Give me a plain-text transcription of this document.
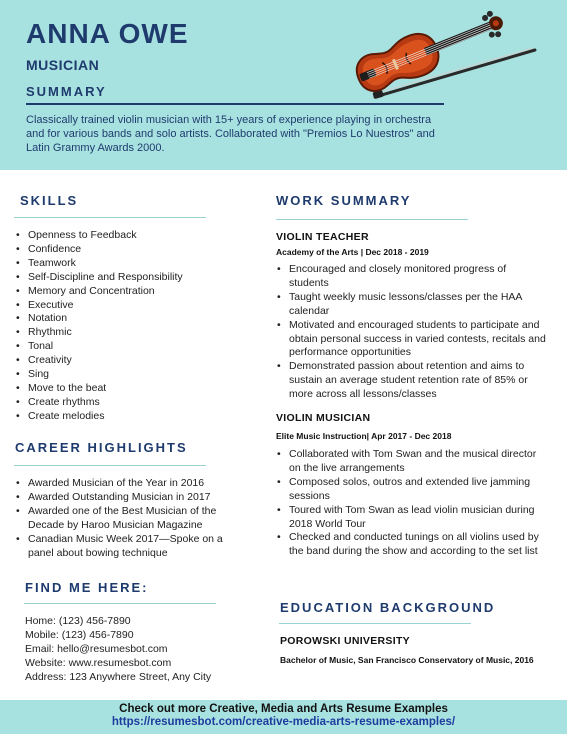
ANNA OWE
MUSICIAN
SUMMARY
Classically trained violin musician with 15+ years of experience playing in orchestra and for various bands and solo artists. Collaborated with "Premios Lo Nuestros" and Latin Grammy Awards 2000.
SKILLS
• Openness to Feedback
• Confidence
• Teamwork
• Self-Discipline and Responsibility
• Memory and Concentration
• Executive
• Notation
• Rhythmic
• Tonal
• Creativity
• Sing
• Move to the beat
• Create rhythms
• Create melodies
CAREER HIGHLIGHTS
• Awarded Musician of the Year in 2016
• Awarded Outstanding Musician in 2017
• Awarded one of the Best Musician of the Decade by Haroo Musician Magazine
• Canadian Music Week 2017—Spoke on a panel about bowing technique
FIND ME HERE:
Home: (123) 456-7890
Mobile: (123) 456-7890
Email: hello@resumesbot.com
Website: www.resumesbot.com
Address: 123 Anywhere Street, Any City
WORK SUMMARY
VIOLIN TEACHER
Academy of the Arts | Dec 2018 - 2019
• Encouraged and closely monitored progress of students
• Taught weekly music lessons/classes per the HAA calendar
• Motivated and encouraged students to participate and obtain personal success in varied contests, recitals and performance opportunities
• Demonstrated passion about retention and aims to sustain an average student retention rate of 85% or more across all lessons/classes
VIOLIN MUSICIAN
Elite Music Instruction| Apr 2017 - Dec 2018
• Collaborated with Tom Swan and the musical director on the live arrangements
• Composed solos, outros and extended live jamming sessions
• Toured with Tom Swan as lead violin musician during 2018 World Tour
• Checked and conducted tunings on all violins used by the band during the show and according to the set list
EDUCATION BACKGROUND
POROWSKI UNIVERSITY
Bachelor of Music, San Francisco Conservatory of Music, 2016
Check out more Creative, Media and Arts Resume Examples
https://resumesbot.com/creative-media-arts-resume-examples/
